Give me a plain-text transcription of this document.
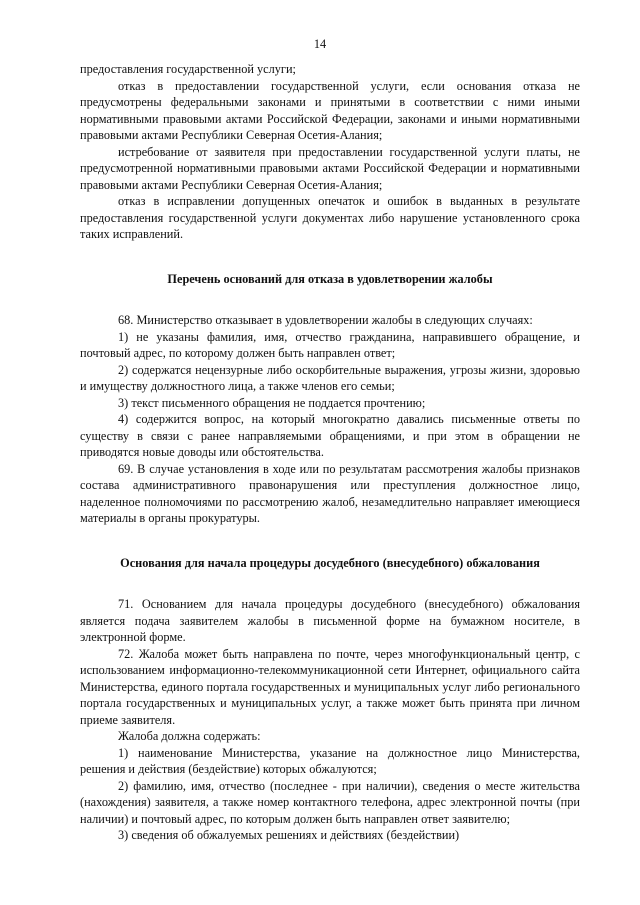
14

предоставления государственной услуги;

отказ в предоставлении государственной услуги, если основания отказа не предусмотрены федеральными законами и принятыми в соответствии с ними иными нормативными правовыми актами Российской Федерации, законами и иными нормативными правовыми актами Республики Северная Осетия-Алания;

истребование от заявителя при предоставлении государственной услуги платы, не предусмотренной нормативными правовыми актами Российской Федерации и нормативными правовыми актами Республики Северная Осетия-Алания;

отказ в исправлении допущенных опечаток и ошибок в выданных в результате предоставления государственной услуги документах либо нарушение установленного срока таких исправлений.

Перечень оснований для отказа в удовлетворении жалобы

68. Министерство отказывает в удовлетворении жалобы в следующих случаях:

1) не указаны фамилия, имя, отчество гражданина, направившего обращение, и почтовый адрес, по которому должен быть направлен ответ;

2) содержатся нецензурные либо оскорбительные выражения, угрозы жизни, здоровью и имуществу должностного лица, а также членов его семьи;

3) текст письменного обращения не поддается прочтению;

4) содержится вопрос, на который многократно давались письменные ответы по существу в связи с ранее направляемыми обращениями, и при этом в обращении не приводятся новые доводы или обстоятельства.

69. В случае установления в ходе или по результатам рассмотрения жалобы признаков состава административного правонарушения или преступления должностное лицо, наделенное полномочиями по рассмотрению жалоб, незамедлительно направляет имеющиеся материалы в органы прокуратуры.

Основания для начала процедуры досудебного (внесудебного) обжалования

71. Основанием для начала процедуры досудебного (внесудебного) обжалования является подача заявителем жалобы в письменной форме на бумажном носителе, в электронной форме.

72. Жалоба может быть направлена по почте, через многофункциональный центр, с использованием информационно-телекоммуникационной сети Интернет, официального сайта Министерства, единого портала государственных и муниципальных услуг либо регионального портала государственных и муниципальных услуг, а также может быть принята при личном приеме заявителя.

Жалоба должна содержать:

1) наименование Министерства, указание на должностное лицо Министерства, решения и действия (бездействие) которых обжалуются;

2) фамилию, имя, отчество (последнее - при наличии), сведения о месте жительства (нахождения) заявителя, а также номер контактного телефона, адрес электронной почты (при наличии) и почтовый адрес, по которым должен быть направлен ответ заявителю;

3) сведения об обжалуемых решениях и действиях (бездействии)
